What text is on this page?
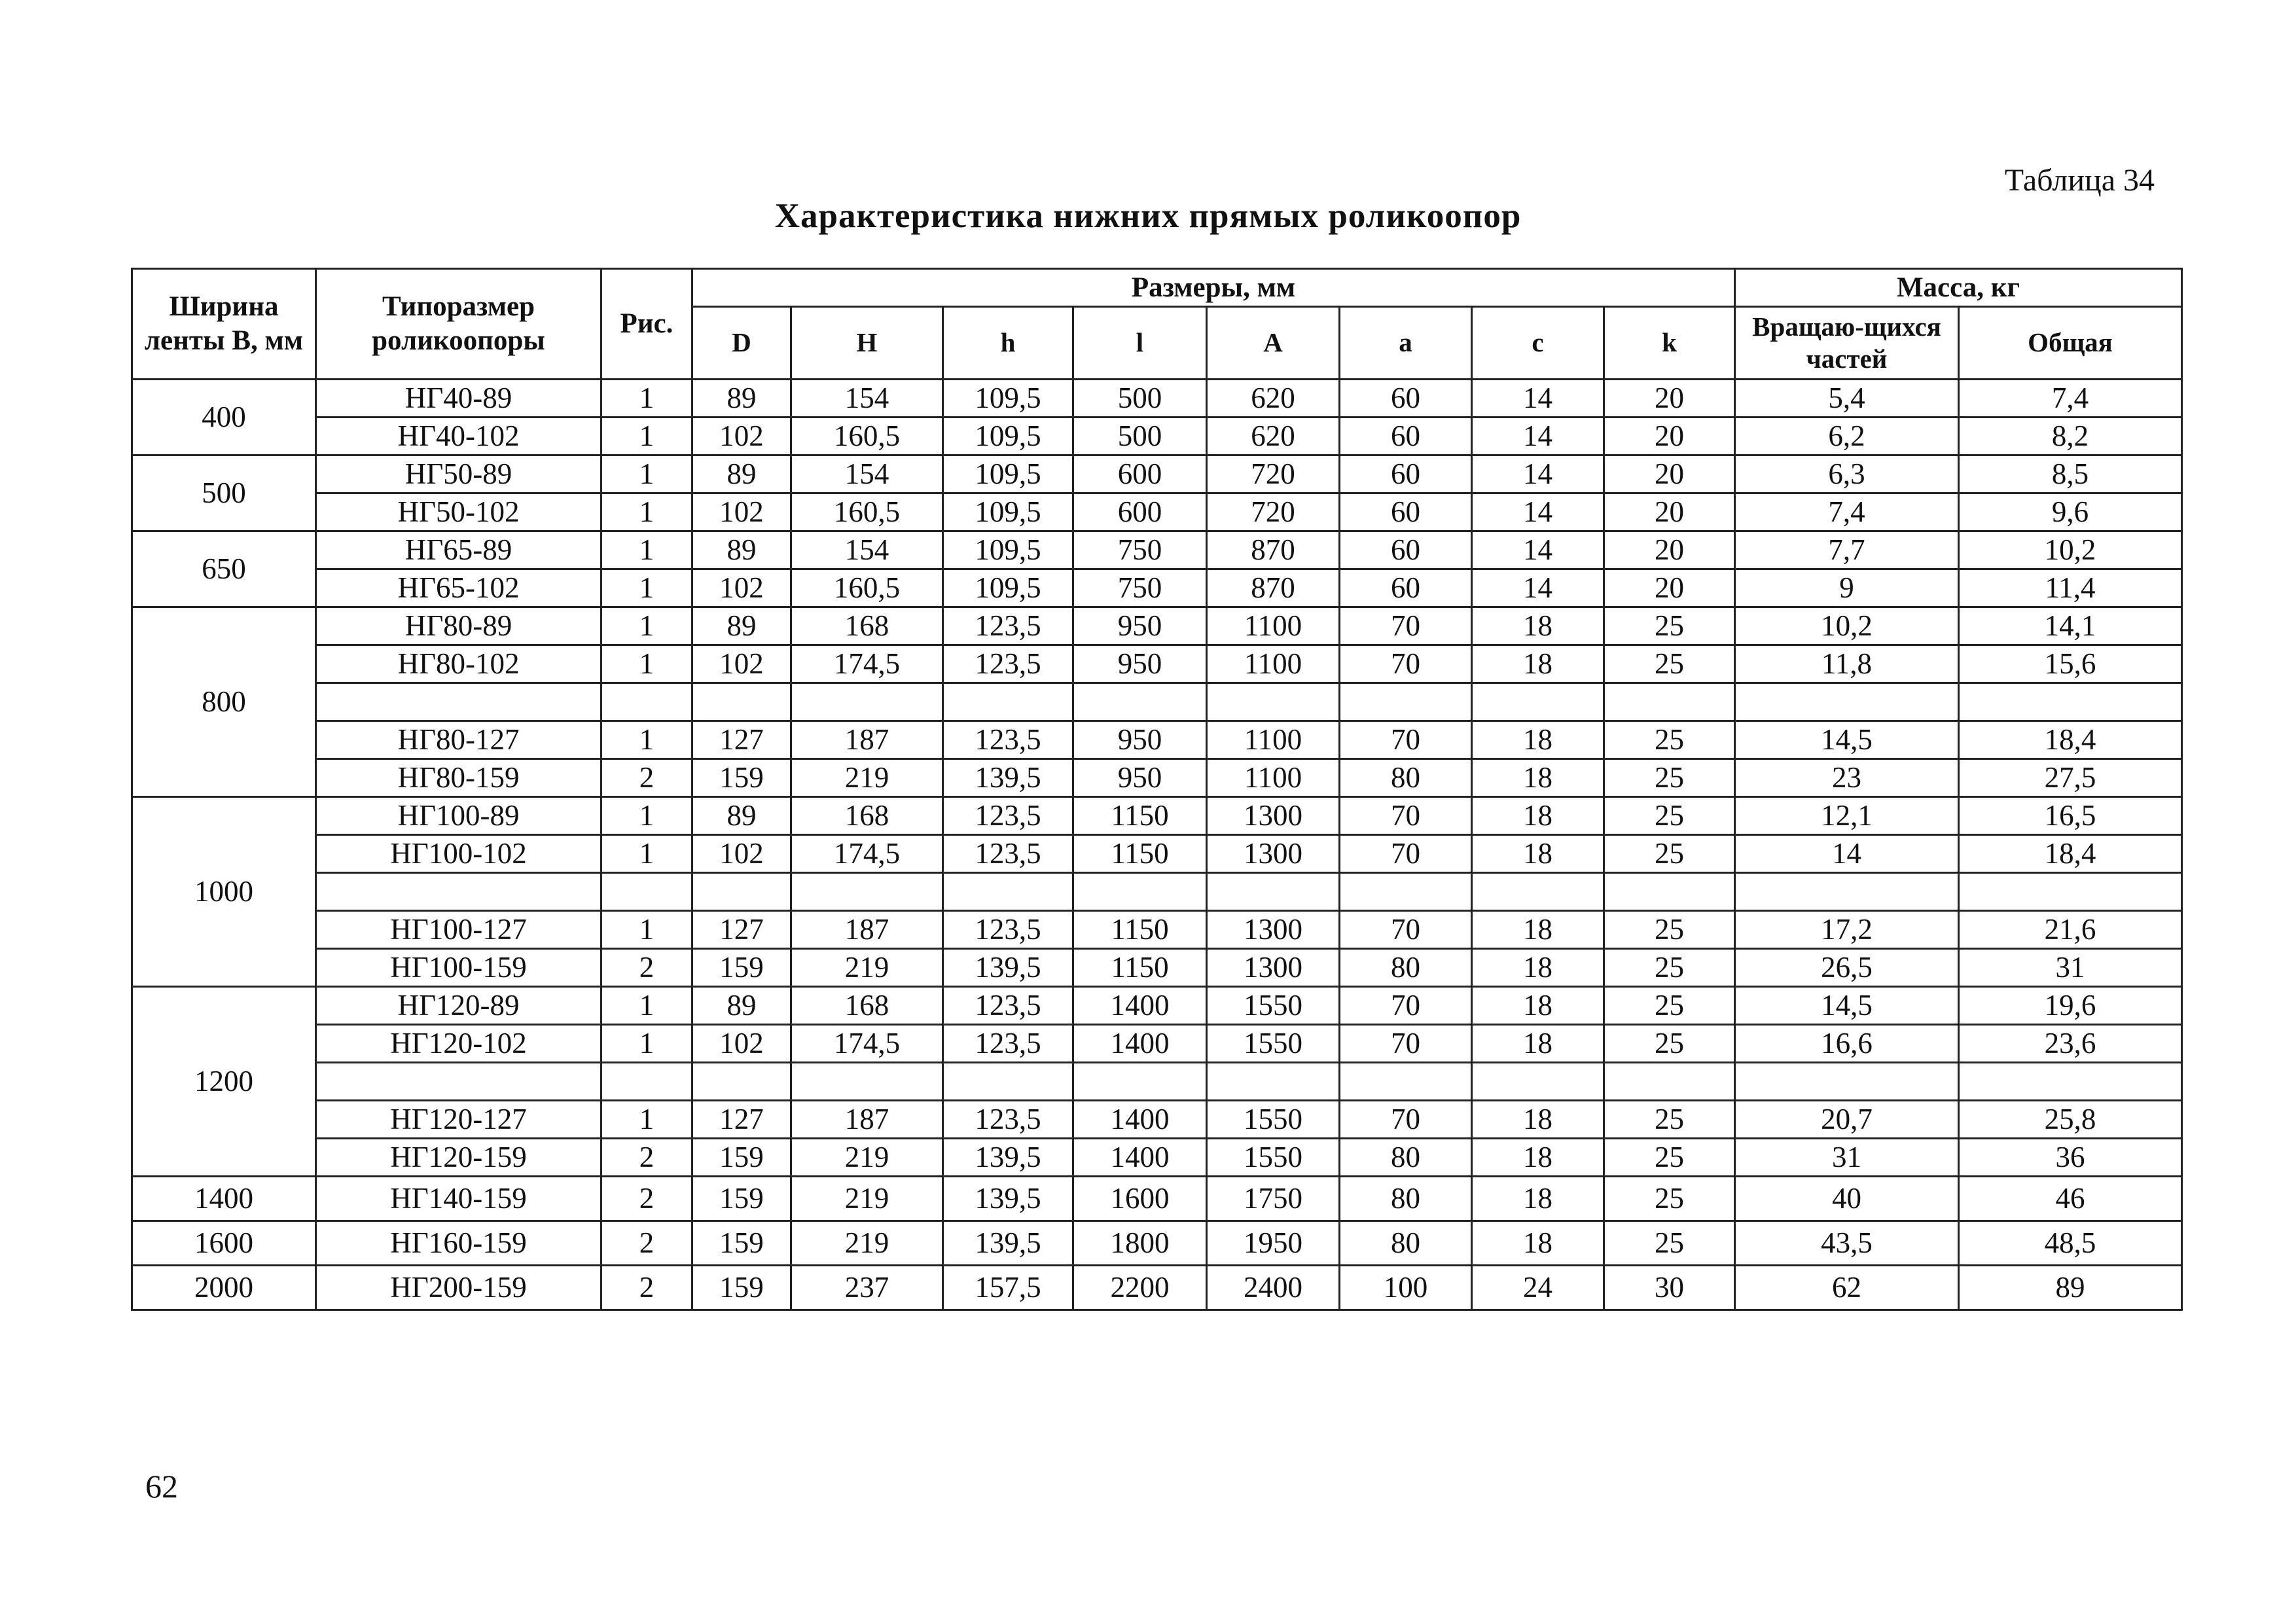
Таблица 34
Характеристика нижних прямых роликоопор
Ширина ленты В, мм	Типоразмер роликоопоры	Рис.	Размеры, мм								Масса, кг	
			D	H	h	l	A	a	c	k	Вращаю-щихся частей	Общая
400	НГ40-89	1	89	154	109,5	500	620	60	14	20	5,4	7,4
	НГ40-102	1	102	160,5	109,5	500	620	60	14	20	6,2	8,2
500	НГ50-89	1	89	154	109,5	600	720	60	14	20	6,3	8,5
	НГ50-102	1	102	160,5	109,5	600	720	60	14	20	7,4	9,6
650	НГ65-89	1	89	154	109,5	750	870	60	14	20	7,7	10,2
	НГ65-102	1	102	160,5	109,5	750	870	60	14	20	9	11,4
800	НГ80-89	1	89	168	123,5	950	1100	70	18	25	10,2	14,1
	НГ80-102	1	102	174,5	123,5	950	1100	70	18	25	11,8	15,6

	НГ80-127	1	127	187	123,5	950	1100	70	18	25	14,5	18,4
	НГ80-159	2	159	219	139,5	950	1100	80	18	25	23	27,5
1000	НГ100-89	1	89	168	123,5	1150	1300	70	18	25	12,1	16,5
	НГ100-102	1	102	174,5	123,5	1150	1300	70	18	25	14	18,4

	НГ100-127	1	127	187	123,5	1150	1300	70	18	25	17,2	21,6
	НГ100-159	2	159	219	139,5	1150	1300	80	18	25	26,5	31
1200	НГ120-89	1	89	168	123,5	1400	1550	70	18	25	14,5	19,6
	НГ120-102	1	102	174,5	123,5	1400	1550	70	18	25	16,6	23,6

	НГ120-127	1	127	187	123,5	1400	1550	70	18	25	20,7	25,8
	НГ120-159	2	159	219	139,5	1400	1550	80	18	25	31	36
1400	НГ140-159	2	159	219	139,5	1600	1750	80	18	25	40	46
1600	НГ160-159	2	159	219	139,5	1800	1950	80	18	25	43,5	48,5
2000	НГ200-159	2	159	237	157,5	2200	2400	100	24	30	62	89
62
